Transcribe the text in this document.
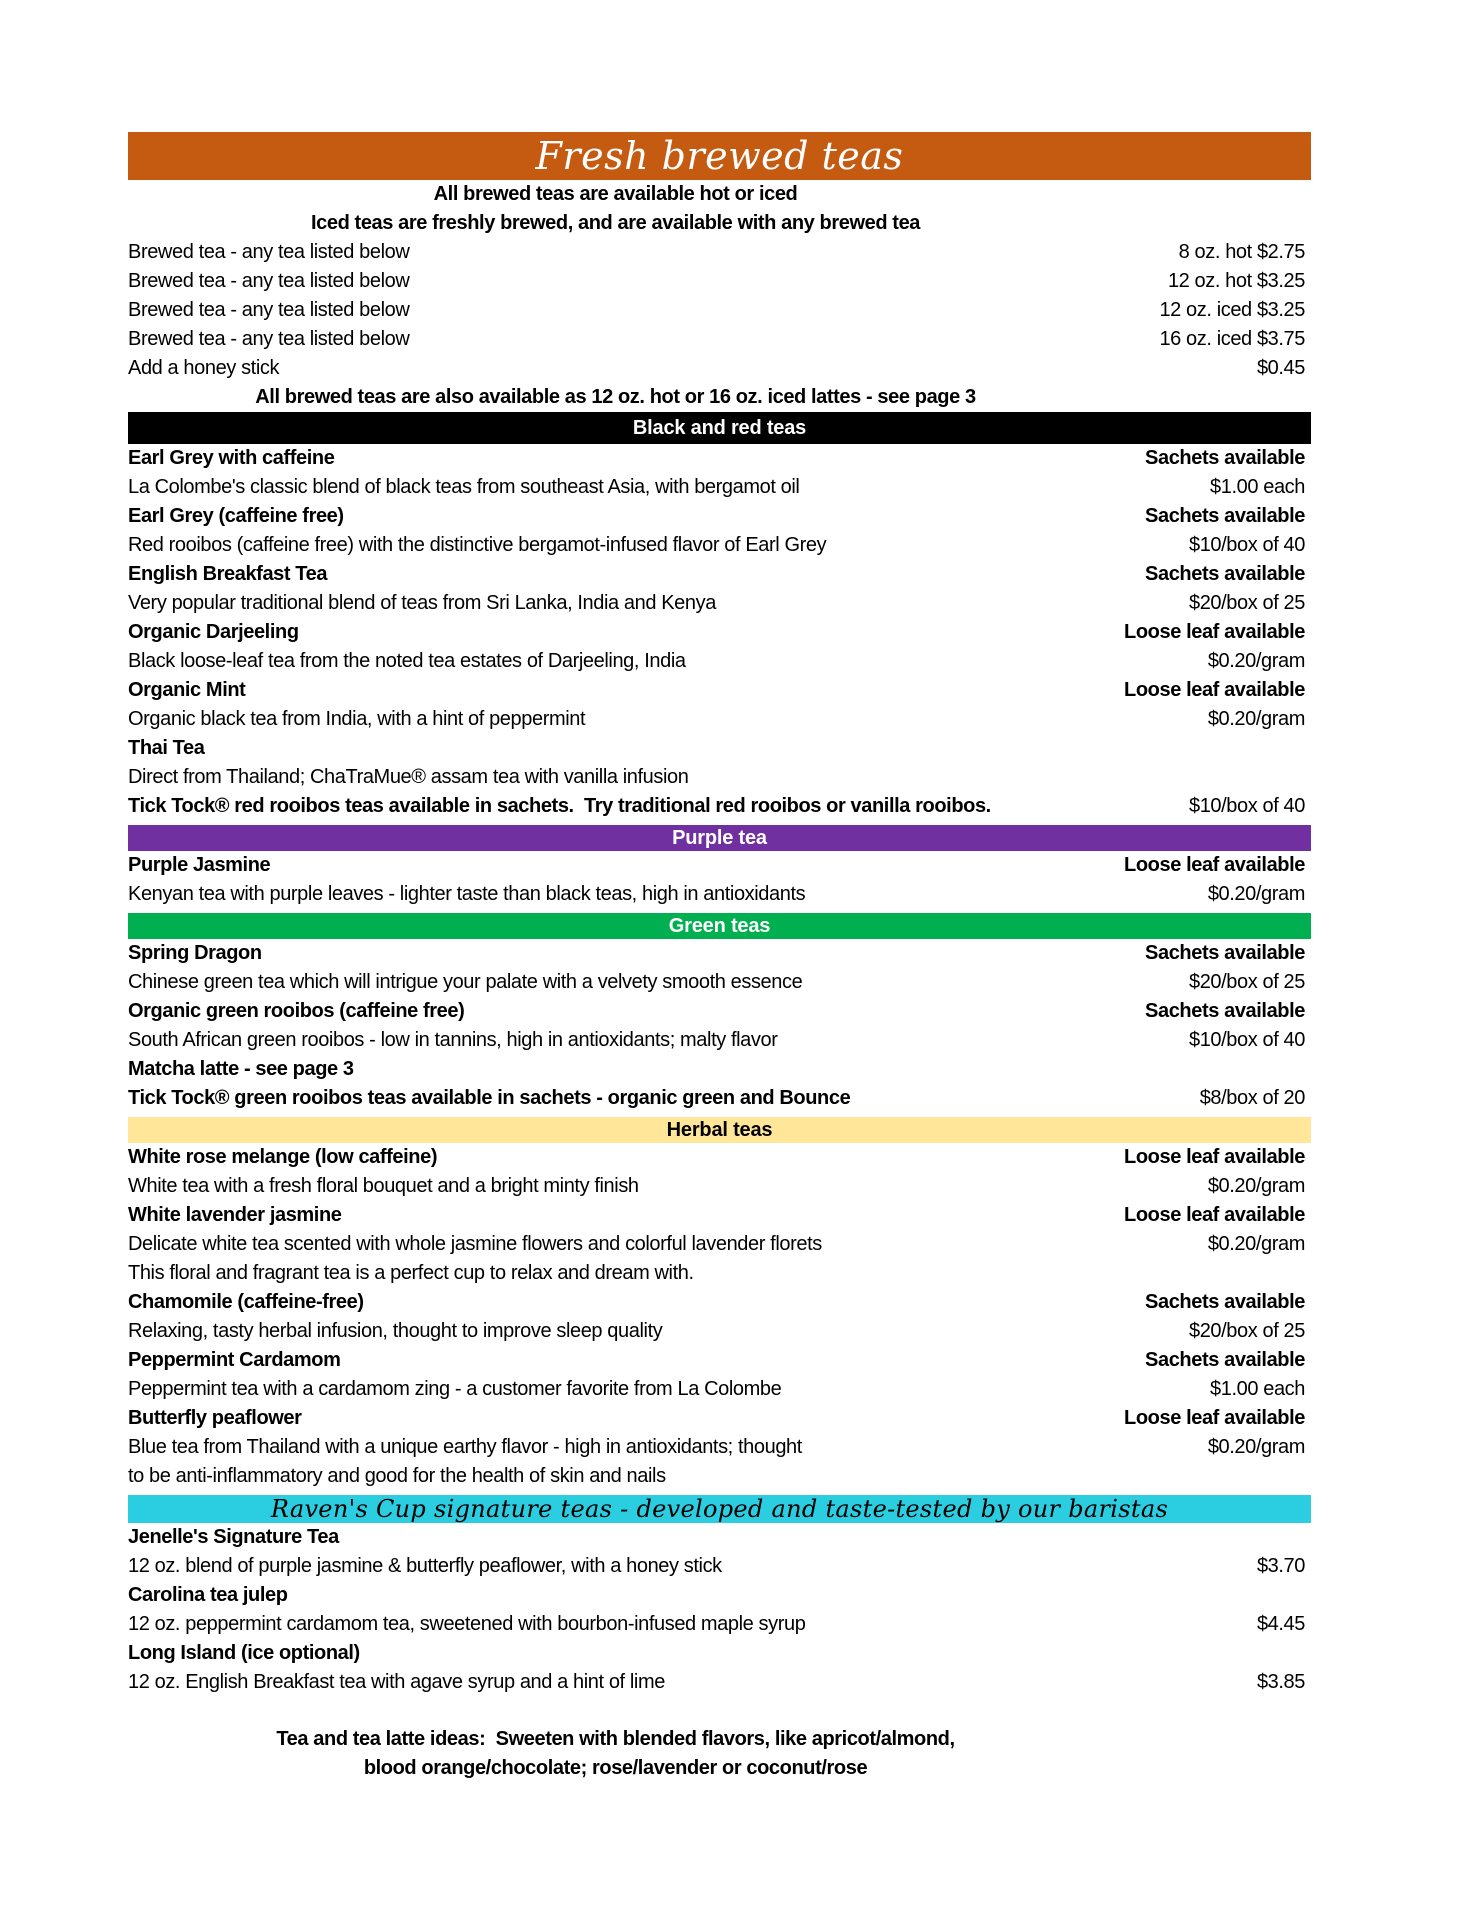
Fresh brewed teas
All brewed teas are available hot or iced
Iced teas are freshly brewed, and are available with any brewed tea
Brewed tea - any tea listed below	8 oz. hot $2.75
Brewed tea - any tea listed below	12 oz. hot $3.25
Brewed tea - any tea listed below	12 oz. iced $3.25
Brewed tea - any tea listed below	16 oz. iced $3.75
Add a honey stick	$0.45
All brewed teas are also available as 12 oz. hot or 16 oz. iced lattes - see page 3
Black and red teas
Earl Grey with caffeine	Sachets available
La Colombe's classic blend of black teas from southeast Asia, with bergamot oil	$1.00 each
Earl Grey (caffeine free)	Sachets available
Red rooibos (caffeine free) with the distinctive bergamot-infused flavor of Earl Grey	$10/box of 40
English Breakfast Tea	Sachets available
Very popular traditional blend of teas from Sri Lanka, India and Kenya	$20/box of 25
Organic Darjeeling	Loose leaf available
Black loose-leaf tea from the noted tea estates of Darjeeling, India	$0.20/gram
Organic Mint	Loose leaf available
Organic black tea from India, with a hint of peppermint	$0.20/gram
Thai Tea
Direct from Thailand; ChaTraMue® assam tea with vanilla infusion
Tick Tock® red rooibos teas available in sachets.  Try traditional red rooibos or vanilla rooibos.	$10/box of 40
Purple tea
Purple Jasmine	Loose leaf available
Kenyan tea with purple leaves - lighter taste than black teas, high in antioxidants	$0.20/gram
Green teas
Spring Dragon	Sachets available
Chinese green tea which will intrigue your palate with a velvety smooth essence	$20/box of 25
Organic green rooibos (caffeine free)	Sachets available
South African green rooibos - low in tannins, high in antioxidants; malty flavor	$10/box of 40
Matcha latte - see page 3
Tick Tock® green rooibos teas available in sachets - organic green and Bounce	$8/box of 20
Herbal teas
White rose melange (low caffeine)	Loose leaf available
White tea with a fresh floral bouquet and a bright minty finish	$0.20/gram
White lavender jasmine	Loose leaf available
Delicate white tea scented with whole jasmine flowers and colorful lavender florets	$0.20/gram
This floral and fragrant tea is a perfect cup to relax and dream with.
Chamomile (caffeine-free)	Sachets available
Relaxing, tasty herbal infusion, thought to improve sleep quality	$20/box of 25
Peppermint Cardamom	Sachets available
Peppermint tea with a cardamom zing - a customer favorite from La Colombe	$1.00 each
Butterfly peaflower	Loose leaf available
Blue tea from Thailand with a unique earthy flavor - high in antioxidants; thought	$0.20/gram
to be anti-inflammatory and good for the health of skin and nails
Raven's Cup signature teas - developed and taste-tested by our baristas
Jenelle's Signature Tea
12 oz. blend of purple jasmine & butterfly peaflower, with a honey stick	$3.70
Carolina tea julep
12 oz. peppermint cardamom tea, sweetened with bourbon-infused maple syrup	$4.45
Long Island (ice optional)
12 oz. English Breakfast tea with agave syrup and a hint of lime	$3.85
Tea and tea latte ideas:  Sweeten with blended flavors, like apricot/almond,
blood orange/chocolate; rose/lavender or coconut/rose
